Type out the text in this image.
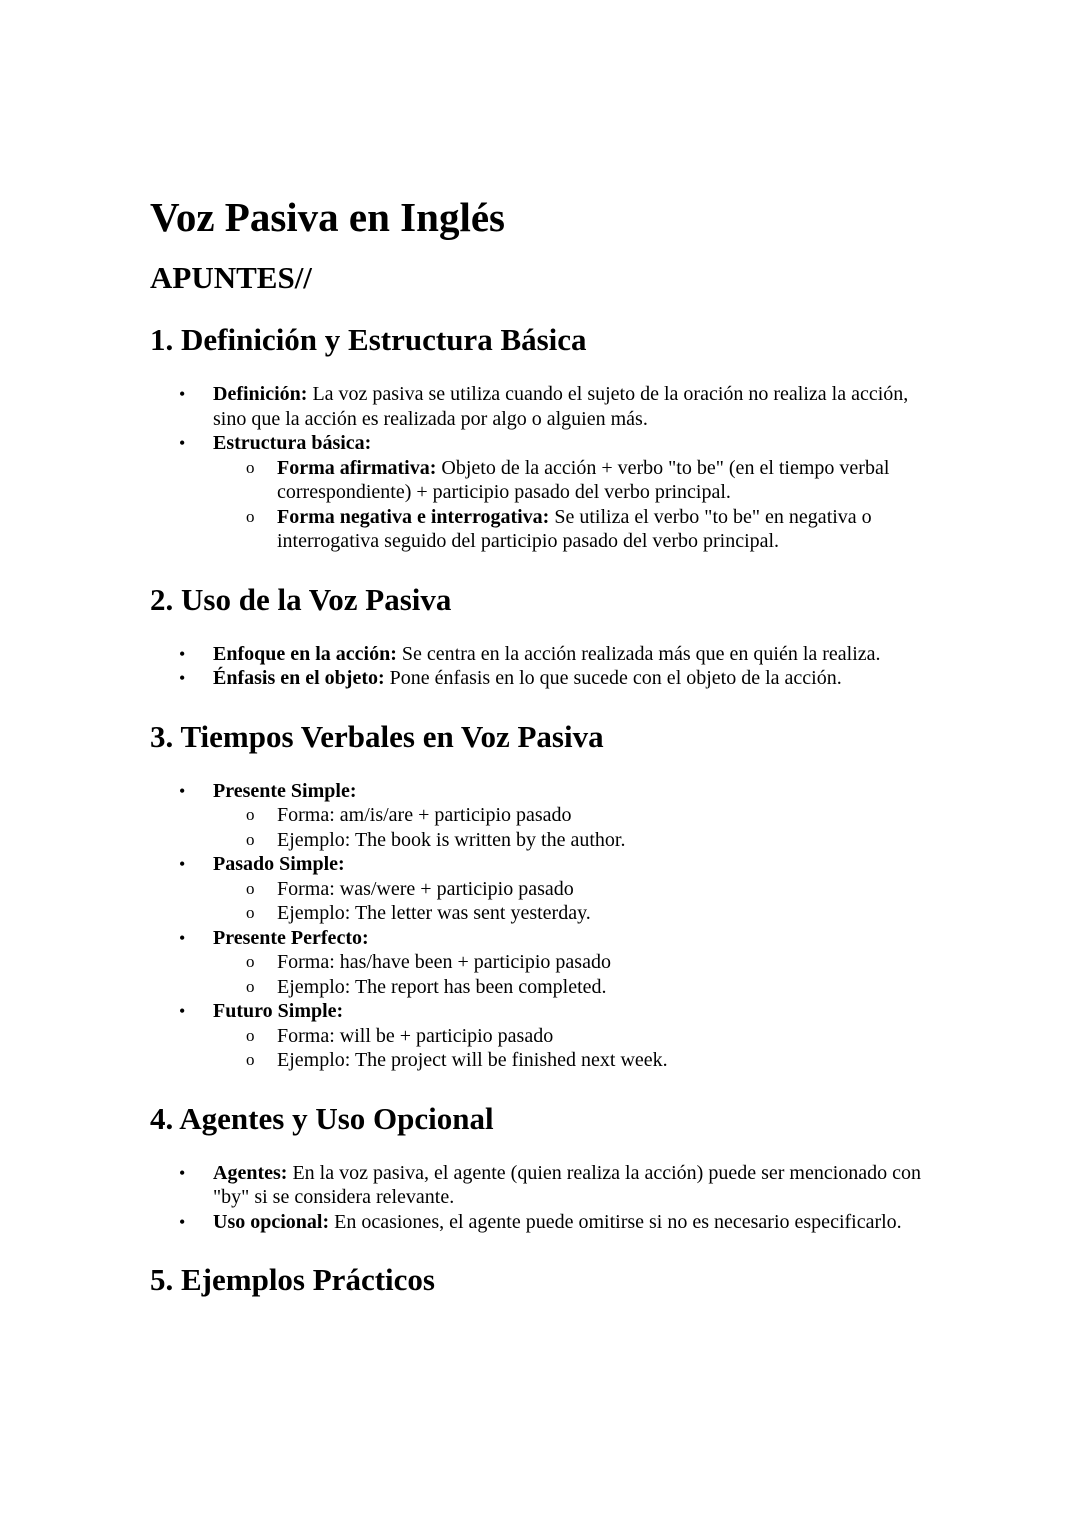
Voz Pasiva en Inglés
APUNTES//
1. Definición y Estructura Básica
• Definición: La voz pasiva se utiliza cuando el sujeto de la oración no realiza la acción, sino que la acción es realizada por algo o alguien más.
• Estructura básica:
o Forma afirmativa: Objeto de la acción + verbo "to be" (en el tiempo verbal correspondiente) + participio pasado del verbo principal.
o Forma negativa e interrogativa: Se utiliza el verbo "to be" en negativa o interrogativa seguido del participio pasado del verbo principal.
2. Uso de la Voz Pasiva
• Enfoque en la acción: Se centra en la acción realizada más que en quién la realiza.
• Énfasis en el objeto: Pone énfasis en lo que sucede con el objeto de la acción.
3. Tiempos Verbales en Voz Pasiva
• Presente Simple:
o Forma: am/is/are + participio pasado
o Ejemplo: The book is written by the author.
• Pasado Simple:
o Forma: was/were + participio pasado
o Ejemplo: The letter was sent yesterday.
• Presente Perfecto:
o Forma: has/have been + participio pasado
o Ejemplo: The report has been completed.
• Futuro Simple:
o Forma: will be + participio pasado
o Ejemplo: The project will be finished next week.
4. Agentes y Uso Opcional
• Agentes: En la voz pasiva, el agente (quien realiza la acción) puede ser mencionado con "by" si se considera relevante.
• Uso opcional: En ocasiones, el agente puede omitirse si no es necesario especificarlo.
5. Ejemplos Prácticos
